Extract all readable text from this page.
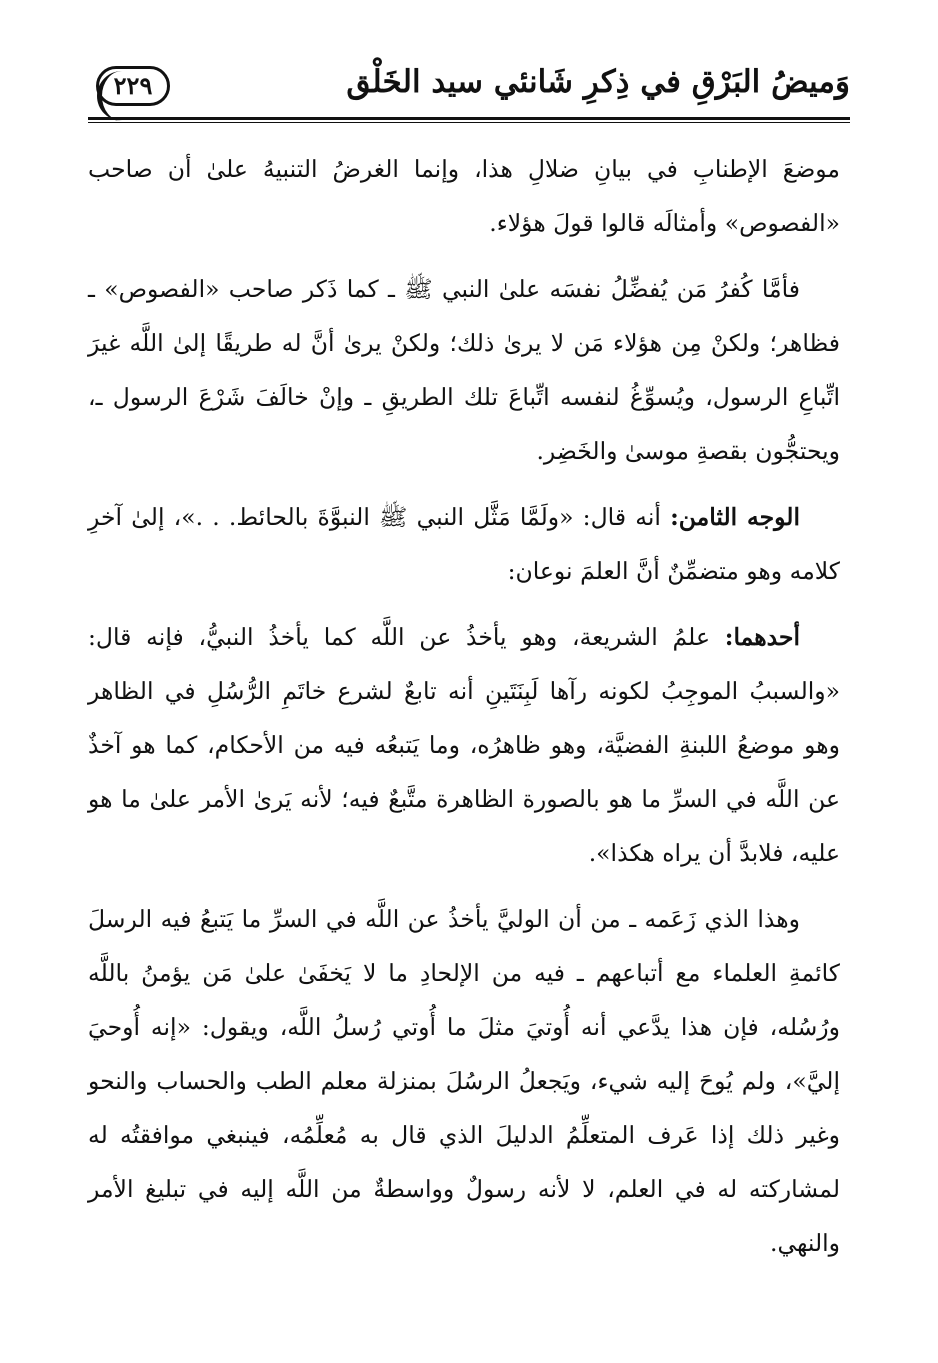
٢٢٩	وَميضُ البَرْقِ في ذِكرِ شَانئي سيد الخَلْق

موضعَ الإطنابِ في بيانِ ضلالِ هذا، وإنما الغرضُ التنبيهُ علىٰ أن صاحب «الفصوص» وأمثالَه قالوا قولَ هؤلاء.

فأمَّا كُفرُ مَن يُفضِّلُ نفسَه علىٰ النبي ﷺ ـ كما ذَكر صاحب «الفصوص» ـ فظاهر؛ ولكنْ مِن هؤلاء مَن لا يرىٰ ذلك؛ ولكنْ يرىٰ أنَّ له طريقًا إلىٰ اللَّه غيرَ اتِّباعِ الرسول، ويُسوِّغُ لنفسه اتِّباعَ تلك الطريقِ ـ وإنْ خالَفَ شَرْعَ الرسول ـ، ويحتجُّون بقصةِ موسىٰ والخَضِر.

الوجه الثامن: أنه قال: «ولَمَّا مَثَّل النبي ﷺ النبوَّةَ بالحائط. . .»، إلىٰ آخرِ كلامه وهو متضمِّنٌ أنَّ العلمَ نوعان:

أحدهما: علمُ الشريعة، وهو يأخذُ عن اللَّه كما يأخذُ النبيُّ، فإنه قال: «والسببُ الموجِبُ لكونه رآها لَبِنَتَينِ أنه تابعٌ لشرع خاتَمِ الرُّسُلِ في الظاهر وهو موضعُ اللبنةِ الفضيَّة، وهو ظاهرُه، وما يَتبعُه فيه من الأحكام، كما هو آخذٌ عن اللَّه في السرِّ ما هو بالصورة الظاهرة متَّبعٌ فيه؛ لأنه يَرىٰ الأمر علىٰ ما هو عليه، فلابدَّ أن يراه هكذا».

وهذا الذي زَعَمه ـ من أن الوليَّ يأخذُ عن اللَّه في السرِّ ما يَتبعُ فيه الرسلَ كائمةِ العلماء مع أتباعهم ـ فيه من الإلحادِ ما لا يَخفَىٰ علىٰ مَن يؤمنُ باللَّه ورُسُله، فإن هذا يدَّعي أنه أُوتيَ مثلَ ما أُوتي رُسلُ اللَّه، ويقول: «إنه أُوحيَ إليَّ»، ولم يُوحَ إليه شيء، ويَجعلُ الرسُلَ بمنزلة معلم الطب والحساب والنحو وغير ذلك إذا عَرف المتعلِّمُ الدليلَ الذي قال به مُعلِّمُه، فينبغي موافقتُه له لمشاركته له في العلم، لا لأنه رسولٌ وواسطةٌ من اللَّه إليه في تبليغ الأمر والنهي.
